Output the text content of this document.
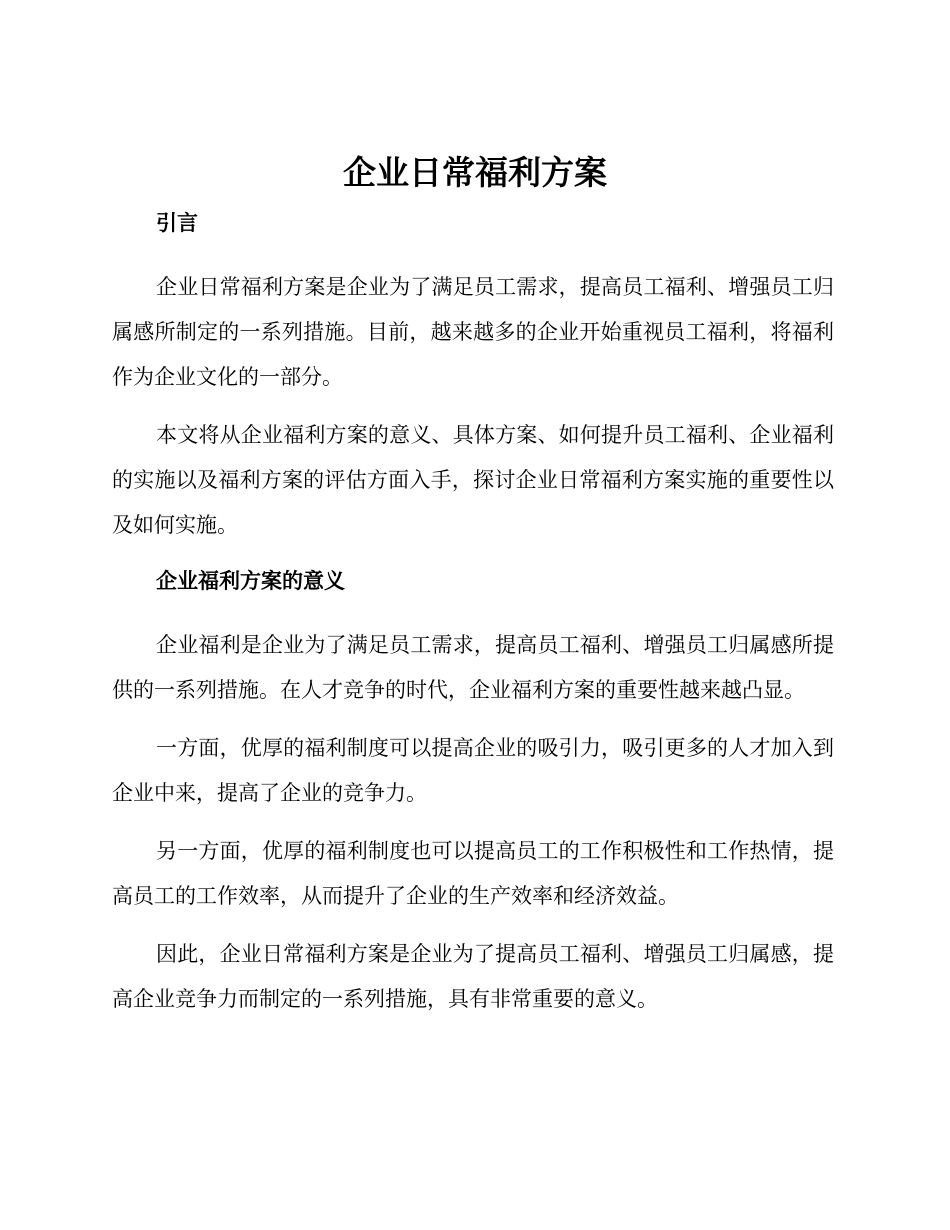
企业日常福利方案
引言

企业日常福利方案是企业为了满足员工需求，提高员工福利、增强员工归属感所制定的一系列措施。目前，越来越多的企业开始重视员工福利，将福利作为企业文化的一部分。

本文将从企业福利方案的意义、具体方案、如何提升员工福利、企业福利的实施以及福利方案的评估方面入手，探讨企业日常福利方案实施的重要性以及如何实施。

企业福利方案的意义

企业福利是企业为了满足员工需求，提高员工福利、增强员工归属感所提供的一系列措施。在人才竞争的时代，企业福利方案的重要性越来越凸显。

一方面，优厚的福利制度可以提高企业的吸引力，吸引更多的人才加入到企业中来，提高了企业的竞争力。

另一方面，优厚的福利制度也可以提高员工的工作积极性和工作热情，提高员工的工作效率，从而提升了企业的生产效率和经济效益。

因此，企业日常福利方案是企业为了提高员工福利、增强员工归属感，提高企业竞争力而制定的一系列措施，具有非常重要的意义。
